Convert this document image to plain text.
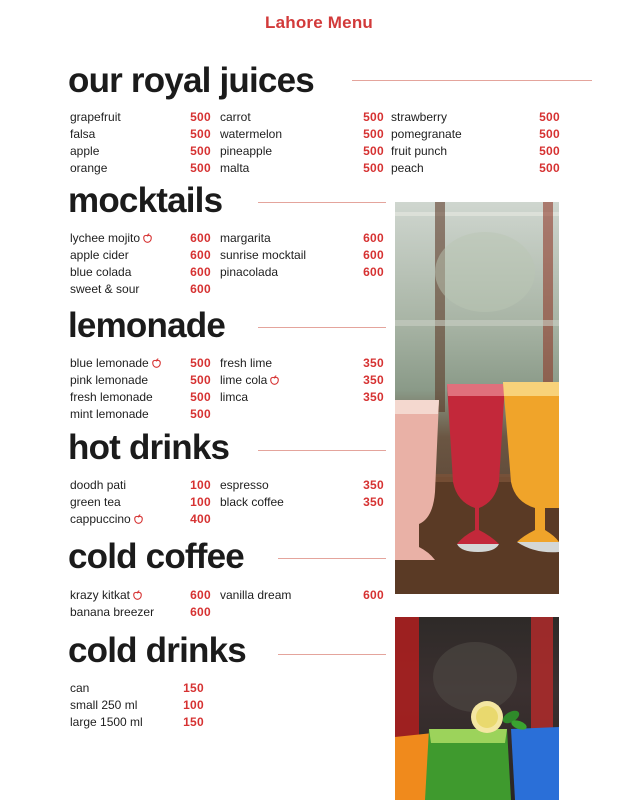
Lahore Menu
our royal juices
grapefruit	500
falsa	500
apple	500
orange	500
carrot	500
watermelon	500
pineapple	500
malta	500
strawberry	500
pomegranate	500
fruit punch	500
peach	500
mocktails
lychee mojito	600
apple cider	600
blue colada	600
sweet & sour	600
margarita	600
sunrise mocktail	600
pinacolada	600
lemonade
blue lemonade	500
pink lemonade	500
fresh lemonade	500
mint lemonade	500
fresh lime	350
lime cola	350
limca	350
hot drinks
doodh pati	100
green tea	100
cappuccino	400
espresso	350
black coffee	350
cold coffee
krazy kitkat	600
banana breezer	600
vanilla dream	600
cold drinks
can	150
small 250 ml	100
large 1500 ml	150
